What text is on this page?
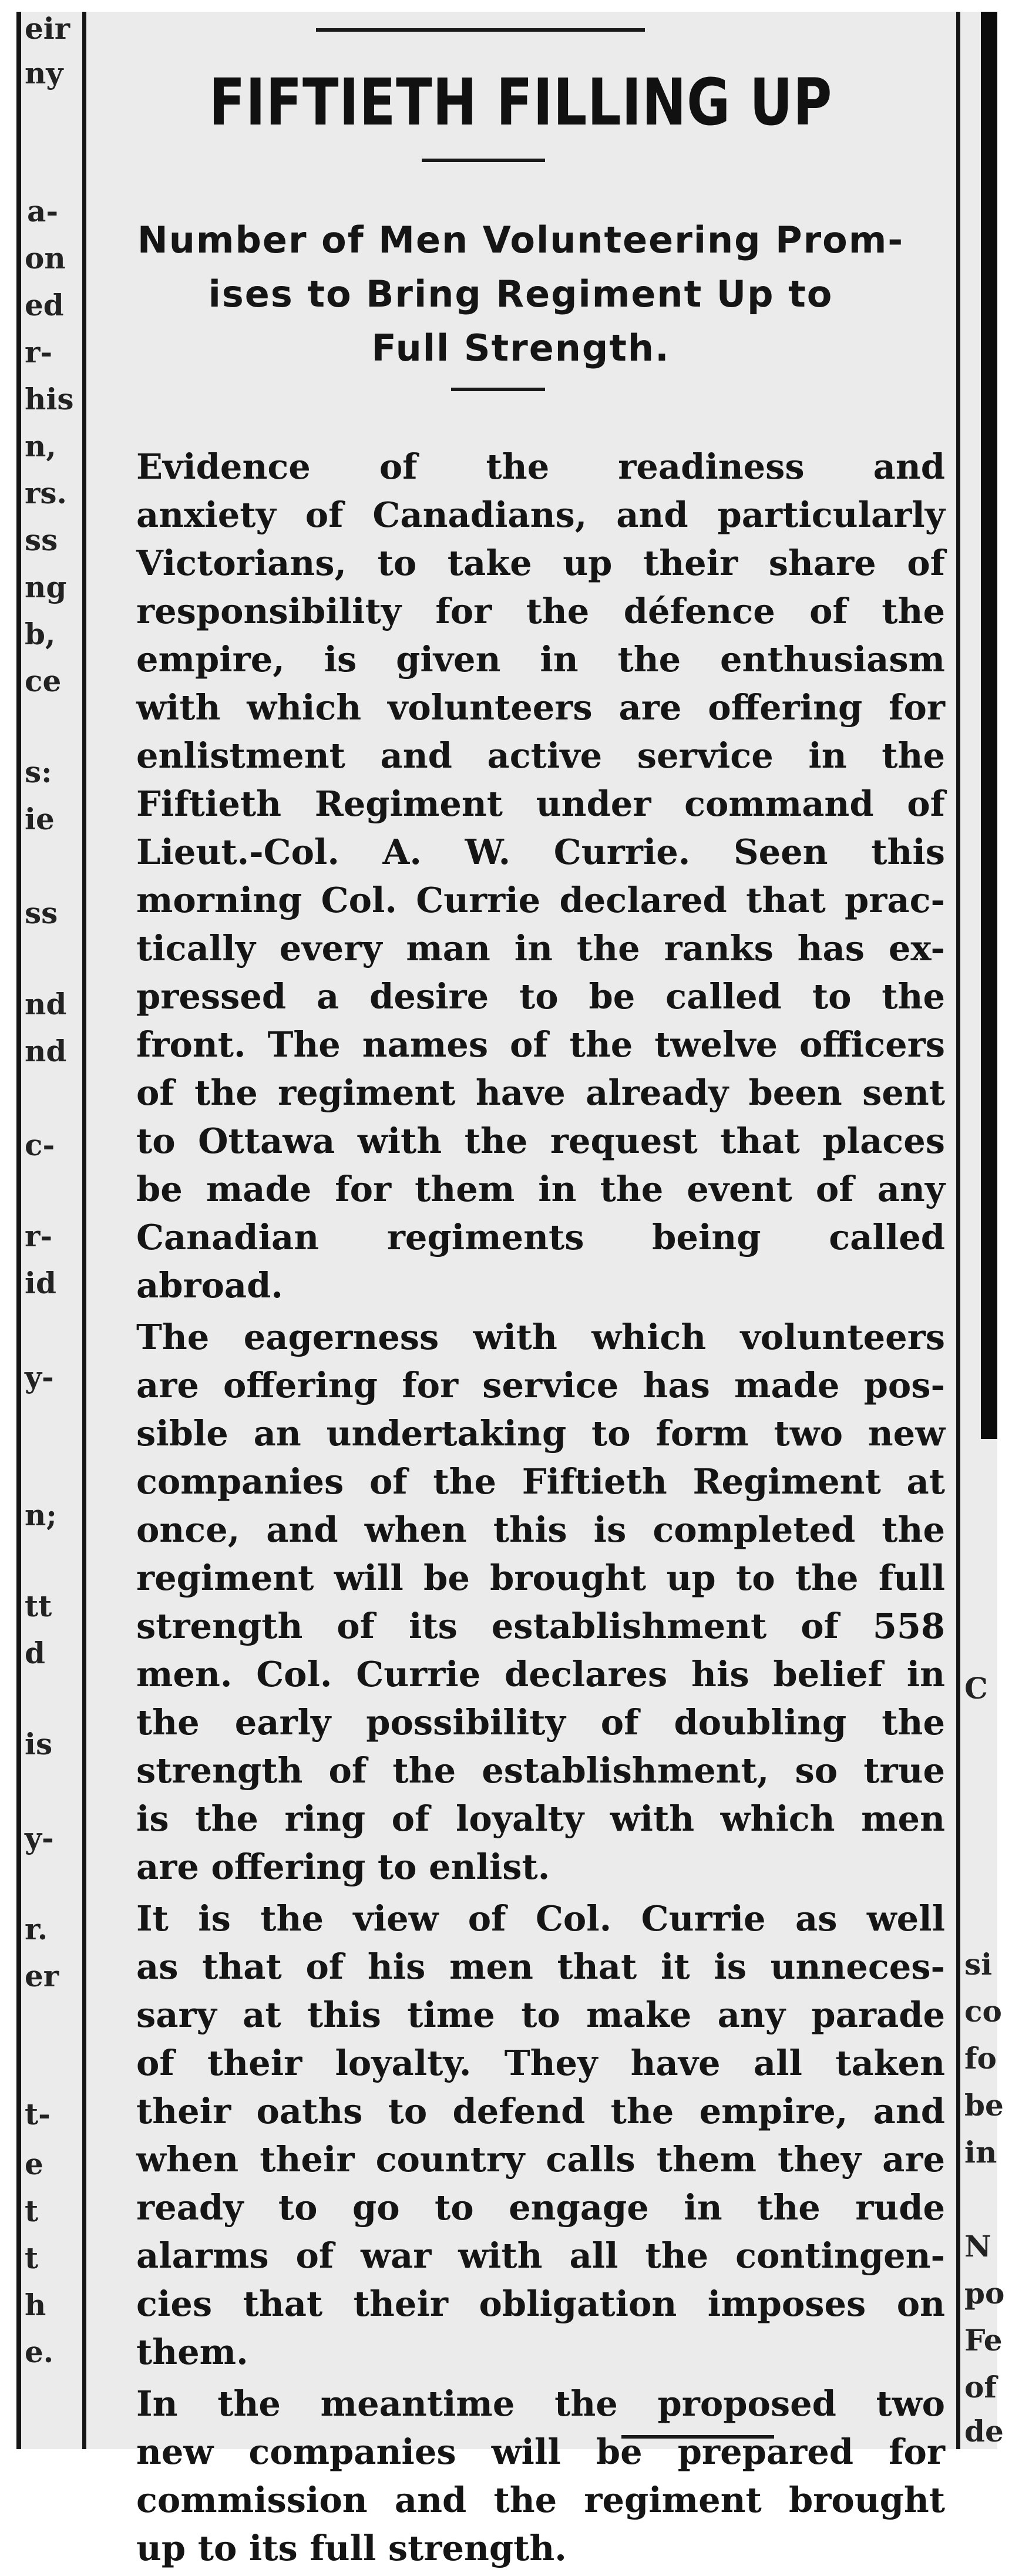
eir
ny
a-
on
ed
r-
his
n,
rs.
ss
ng
b,
ce
s:
ie
ss
nd
nd
c-
r-
id
y-
n;
tt
d
is
y-
r.
er
t-
e
t
t
h
e.
C
si
co
fo
be
in
N
po
Fe
of
de
FIFTIETH FILLING UP
Number of Men Volunteering Prom-
ises to Bring Regiment Up to
Full Strength.

Evidence of the readiness and
anxiety of Canadians, and particularly
Victorians, to take up their share of
responsibility for the défence of the
empire, is given in the enthusiasm
with which volunteers are offering for
enlistment and active service in the
Fiftieth Regiment under command of
Lieut.-Col. A. W. Currie. Seen this
morning Col. Currie declared that prac-
tically every man in the ranks has ex-
pressed a desire to be called to the
front. The names of the twelve officers
of the regiment have already been sent
to Ottawa with the request that places
be made for them in the event of any
Canadian regiments being called
abroad.

The eagerness with which volunteers
are offering for service has made pos-
sible an undertaking to form two new
companies of the Fiftieth Regiment at
once, and when this is completed the
regiment will be brought up to the full
strength of its establishment of 558
men. Col. Currie declares his belief in
the early possibility of doubling the
strength of the establishment, so true
is the ring of loyalty with which men
are offering to enlist.

It is the view of Col. Currie as well
as that of his men that it is unneces-
sary at this time to make any parade
of their loyalty. They have all taken
their oaths to defend the empire, and
when their country calls them they are
ready to go to engage in the rude
alarms of war with all the contingen-
cies that their obligation imposes on
them.

In the meantime the proposed two
new companies will be prepared for
commission and the regiment brought
up to its full strength.
